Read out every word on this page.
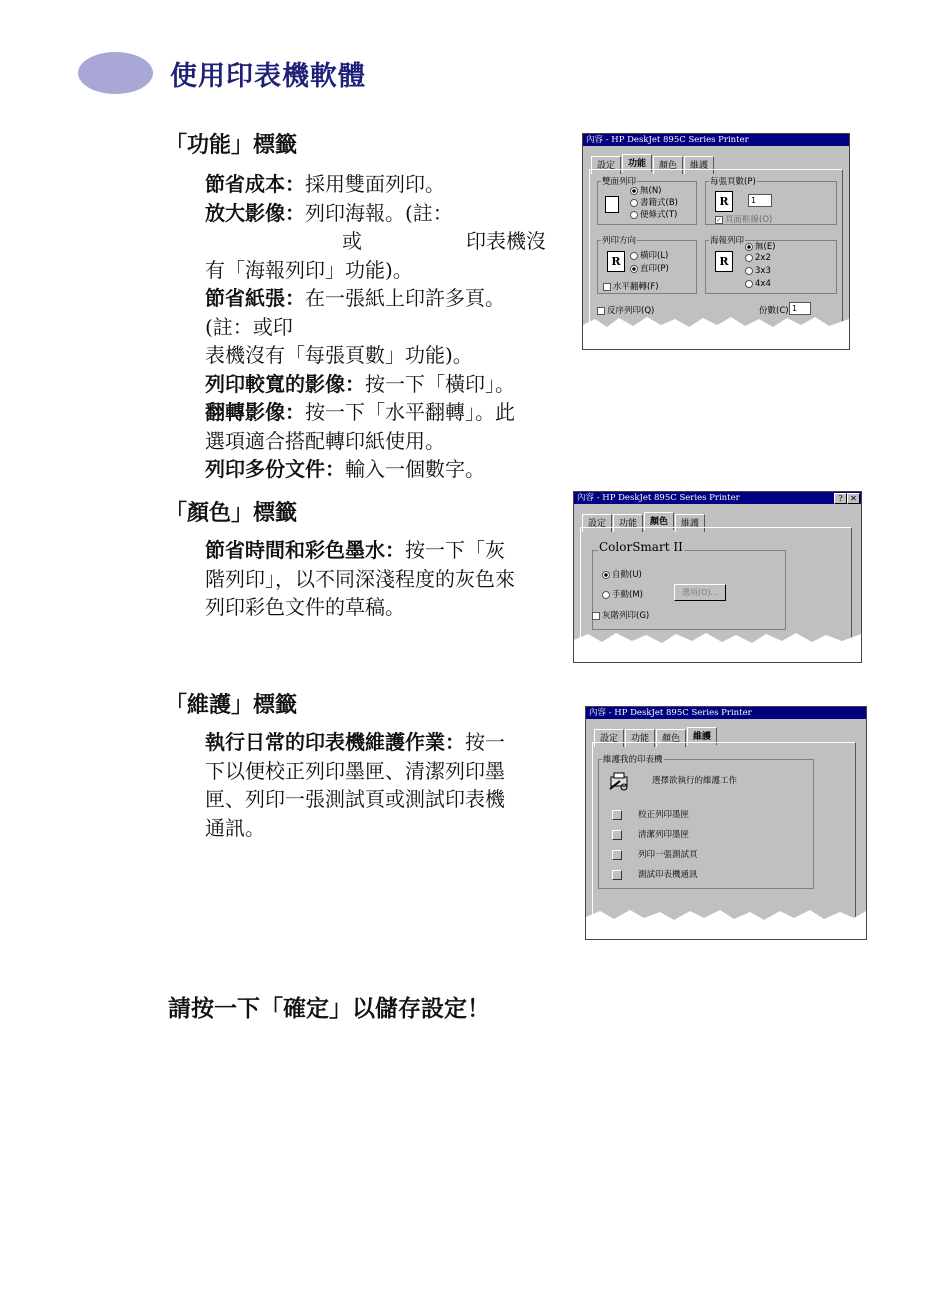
使用印表機軟體
「功能」標籤
節省成本：採用雙面列印。
放大影像：列印海報。(註：
或	印表機沒
有「海報列印」功能)。
節省紙張：在一張紙上印許多頁。
(註：或印
表機沒有「每張頁數」功能)。
列印較寬的影像：按一下「橫印」。
翻轉影像：按一下「水平翻轉」。此
選項適合搭配轉印紙使用。
列印多份文件：輸入一個數字。
「顏色」標籤
節省時間和彩色墨水：按一下「灰
階列印」，以不同深淺程度的灰色來
列印彩色文件的草稿。
「維護」標籤
執行日常的印表機維護作業：按一
下以便校正列印墨匣、清潔列印墨
匣、列印一張測試頁或測試印表機
通訊。
請按一下「確定」以儲存設定！
內容 - HP DeskJet 895C Series Printer
設定	功能	顏色	維護
雙面列印
無(N)
書籍式(B)
便條式(T)
每張頁數(P)
R	1
✓ 頁面框線(O)
列印方向
R	橫印(L)
直印(P)
水平翻轉(F)
海報列印
R
無(E)
2x2
3x3
4x4
反序列印(Q)	份數(C) 1
內容 - HP DeskJet 895C Series Printer	? ✕
設定	功能	顏色	維護
ColorSmart II
自動(U)
手動(M)	選項(O)...
灰階列印(G)
內容 - HP DeskJet 895C Series Printer
設定	功能	顏色	維護
維護我的印表機
選擇欲執行的維護工作
校正列印墨匣
清潔列印墨匣
列印一張測試頁
測試印表機通訊
